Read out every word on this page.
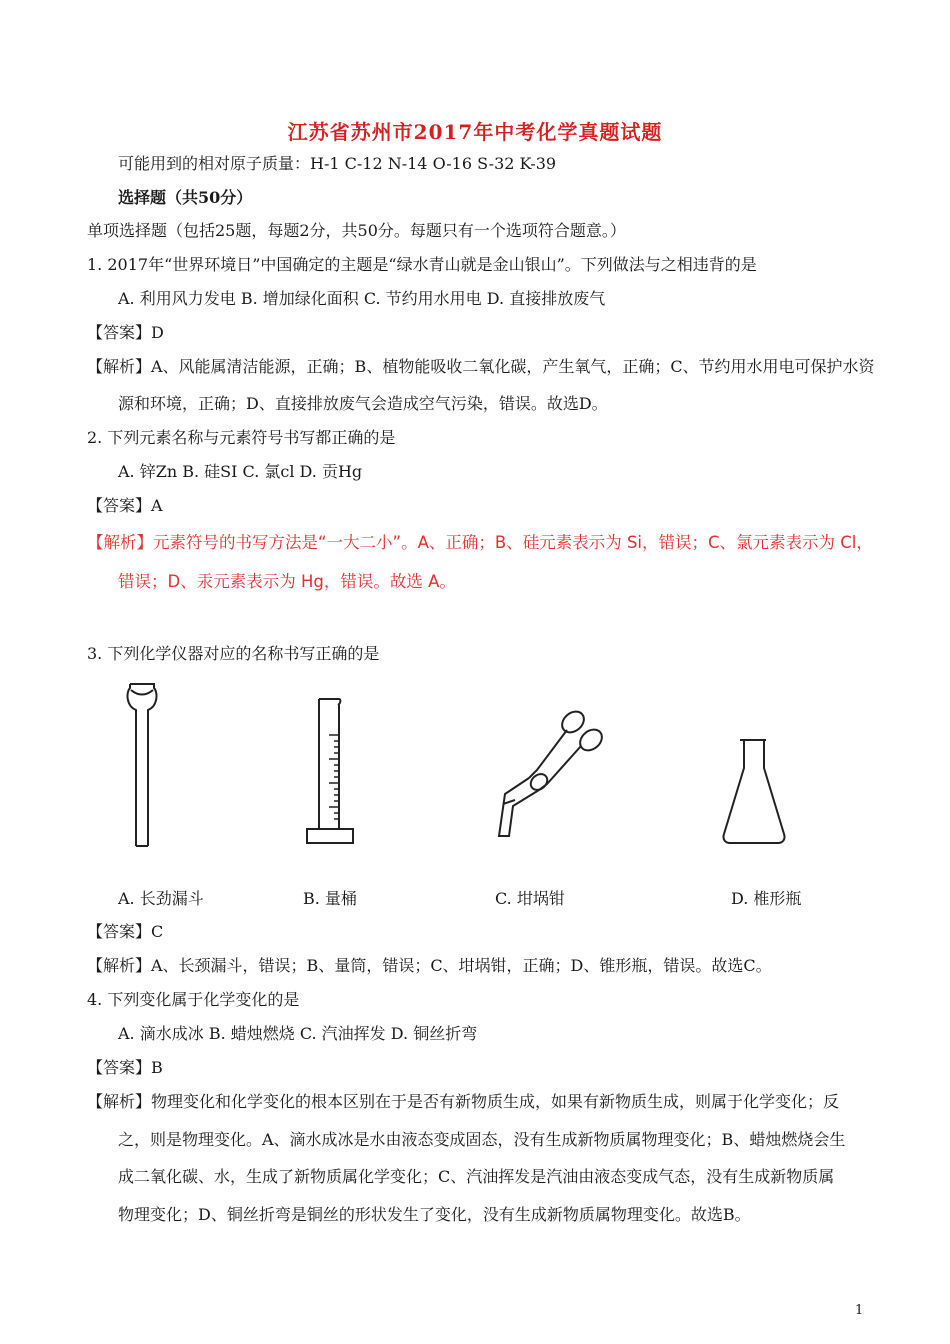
江苏省苏州市2017年中考化学真题试题
可能用到的相对原子质量：H-1 C-12 N-14 O-16 S-32 K-39
选择题（共50分）
单项选择题（包括25题，每题2分，共50分。每题只有一个选项符合题意。）
1. 2017年“世界环境日”中国确定的主题是“绿水青山就是金山银山”。下列做法与之相违背的是
A. 利用风力发电 B. 增加绿化面积 C. 节约用水用电 D. 直接排放废气
【答案】D
【解析】A、风能属清洁能源，正确；B、植物能吸收二氧化碳，产生氧气，正确；C、节约用水用电可保护水资
源和环境，正确；D、直接排放废气会造成空气污染，错误。故选D。
2. 下列元素名称与元素符号书写都正确的是
A. 锌Zn B. 硅SI C. 氯cl D. 贡Hg
【答案】A
【解析】元素符号的书写方法是“一大二小”。A、正确；B、硅元素表示为 Si，错误；C、氯元素表示为 Cl，
错误；D、汞元素表示为 Hg，错误。故选 A。
3. 下列化学仪器对应的名称书写正确的是
A. 长劲漏斗	B. 量桶	C. 坩埚钳	D. 椎形瓶
【答案】C
【解析】A、长颈漏斗，错误；B、量筒，错误；C、坩埚钳，正确；D、锥形瓶，错误。故选C。
4. 下列变化属于化学变化的是
A. 滴水成冰 B. 蜡烛燃烧 C. 汽油挥发 D. 铜丝折弯
【答案】B
【解析】物理变化和化学变化的根本区别在于是否有新物质生成，如果有新物质生成，则属于化学变化；反
之，则是物理变化。A、滴水成冰是水由液态变成固态，没有生成新物质属物理变化；B、蜡烛燃烧会生
成二氧化碳、水，生成了新物质属化学变化；C、汽油挥发是汽油由液态变成气态，没有生成新物质属
物理变化；D、铜丝折弯是铜丝的形状发生了变化，没有生成新物质属物理变化。故选B。
1
